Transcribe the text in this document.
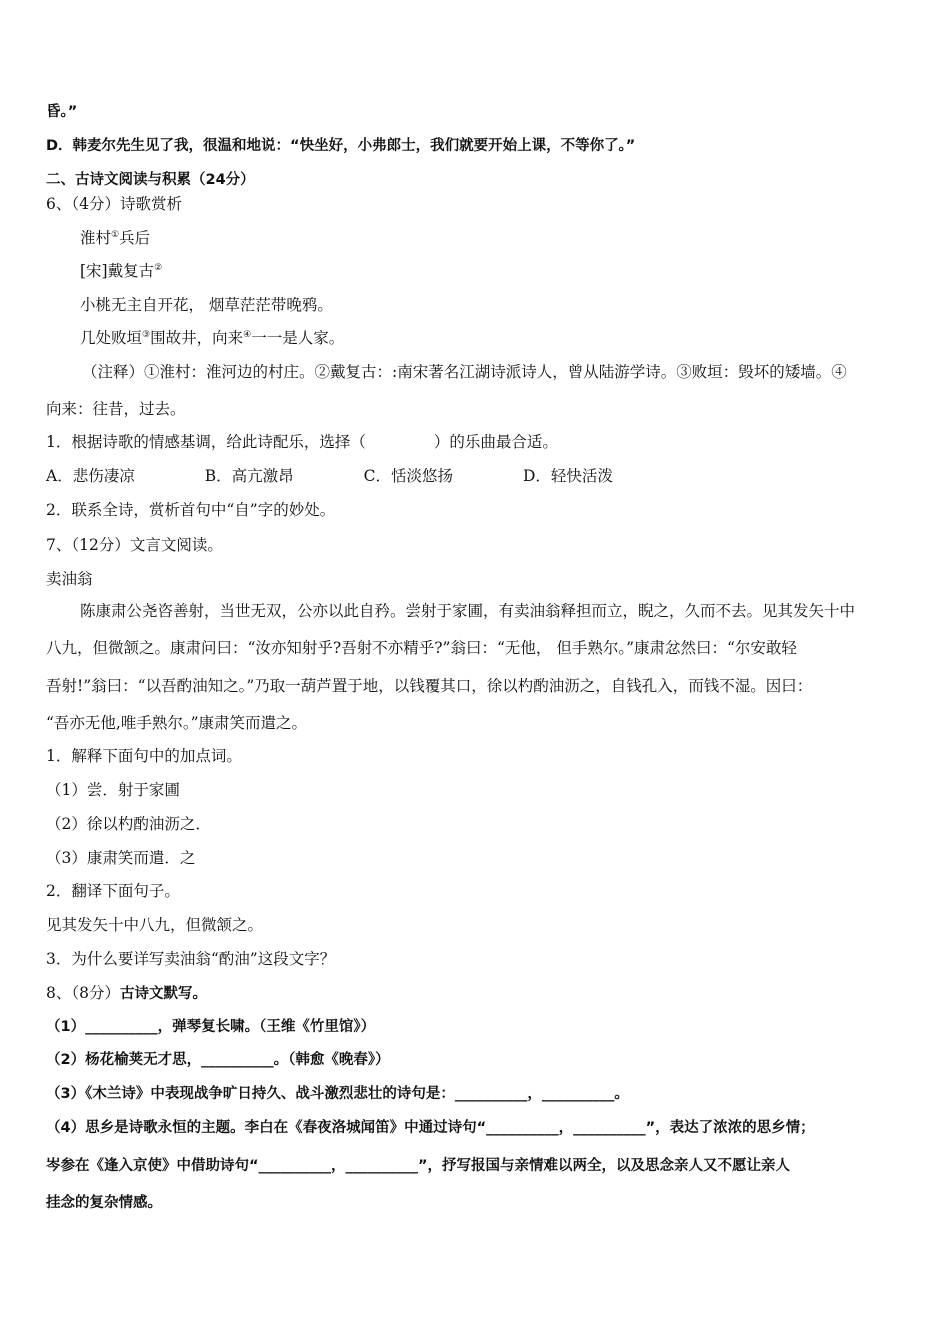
昏。”
D．韩麦尔先生见了我，很温和地说：“快坐好，小弗郎士，我们就要开始上课，不等你了。”
二、古诗文阅读与积累（24分）
6、（4分）诗歌赏析
淮村①兵后
[宋]戴复古②
小桃无主自开花， 烟草茫茫带晚鸦。
几处败垣③围故井，向来④一一是人家。
（注释）①淮村：淮河边的村庄。②戴复古：:南宋著名江湖诗派诗人，曾从陆游学诗。③败垣：毁坏的矮墙。④
向来：往昔，过去。
1．根据诗歌的情感基调，给此诗配乐，选择（	）的乐曲最合适。
A．悲伤凄凉	B．高亢激昂	C．恬淡悠扬	D．轻快活泼
2．联系全诗，赏析首句中“自”字的妙处。
7、（12分）文言文阅读。
卖油翁
陈康肃公尧咨善射，当世无双，公亦以此自矜。尝射于家圃，有卖油翁释担而立，睨之，久而不去。见其发矢十中
八九，但微颔之。康肃问曰：“汝亦知射乎?吾射不亦精乎?”翁曰：“无他， 但手熟尔。”康肃忿然曰：“尔安敢轻
吾射!”翁曰：“以吾酌油知之。”乃取一葫芦置于地，以钱覆其口，徐以杓酌油沥之，自钱孔入，而钱不湿。因曰：
“吾亦无他,唯手熟尔。”康肃笑而遣之。
1．解释下面句中的加点词。
（1）尝．射于家圃
（2）徐以杓酌油沥之．
（3）康肃笑而遣．之
2．翻译下面句子。
见其发矢十中八九，但微颔之。
3．为什么要详写卖油翁“酌油”这段文字？
8、（8分）古诗文默写。
（1）__________，弹琴复长啸。（王维《竹里馆》）
（2）杨花榆荚无才思，__________。（韩愈《晚春》）
（3）《木兰诗》中表现战争旷日持久、战斗激烈悲壮的诗句是：__________，__________。
（4）思乡是诗歌永恒的主题。李白在《春夜洛城闻笛》中通过诗句“__________，__________”，表达了浓浓的思乡情；
岑参在《逢入京使》中借助诗句“__________，__________”，抒写报国与亲情难以两全，以及思念亲人又不愿让亲人
挂念的复杂情感。
